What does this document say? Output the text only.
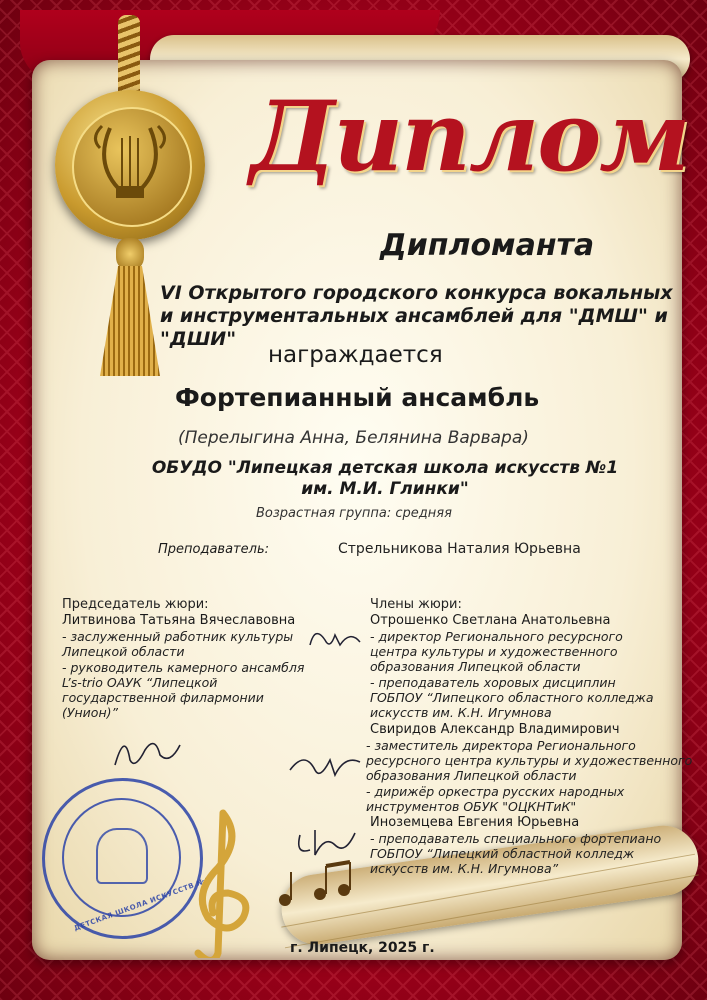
Диплом
Дипломанта
VI Открытого городского конкурса вокальных и инструментальных ансамблей для "ДМШ" и "ДШИ"
награждается
Фортепианный ансамбль
(Перелыгина Анна, Белянина Варвара)
ОБУДО "Липецкая детская школа искусств №1
им. М.И. Глинки"
Возрастная группа: средняя
Преподаватель:	Стрельникова Наталия Юрьевна
Председатель жюри:
Литвинова Татьяна Вячеславовна
- заслуженный работник культуры Липецкой области
- руководитель камерного ансамбля L’s-trio ОАУК “Липецкой государственной филармонии (Унион)”
Члены жюри:
Отрошенко Светлана Анатольевна
- директор Регионального ресурсного центра культуры и художественного образования Липецкой области
- преподаватель хоровых дисциплин ГОБПОУ “Липецкого областного колледжа искусств им. К.Н. Игумнова
Свиридов Александр Владимирович
- заместитель директора Регионального ресурсного центра культуры и художественного образования Липецкой области
- дирижёр оркестра русских народных инструментов ОБУК "ОЦКНТиК"
Иноземцева Евгения Юрьевна
- преподаватель специального фортепиано ГОБПОУ “Липецкий областной колледж искусств им. К.Н. Игумнова”
ДЕТСКАЯ ШКОЛА ИСКУССТВ №1
г. Липецк, 2025 г.
